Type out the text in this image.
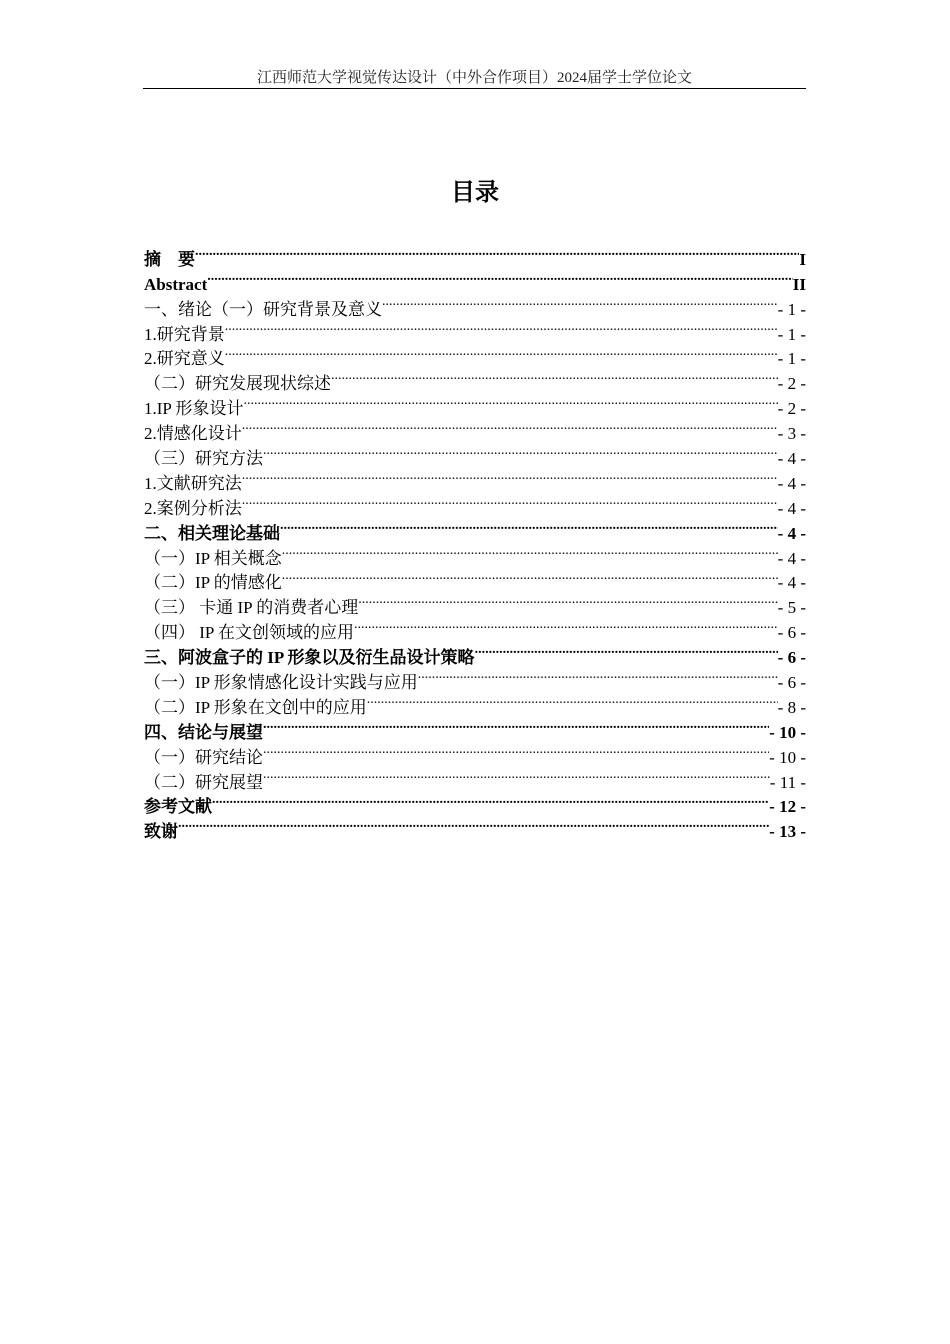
江西师范大学视觉传达设计（中外合作项目）2024届学士学位论文
目录
摘　要 .....	I
Abstract .....	II
一、绪论（一）研究背景及意义 .....	- 1 -
1.研究背景 .....	- 1 -
2.研究意义 .....	- 1 -
（二）研究发展现状综述 .....	- 2 -
1.IP 形象设计 .....	- 2 -
2.情感化设计 .....	- 3 -
（三）研究方法 .....	- 4 -
1.文献研究法 .....	- 4 -
2.案例分析法 .....	- 4 -
二、相关理论基础 .....	- 4 -
（一）IP 相关概念 .....	- 4 -
（二）IP 的情感化 .....	- 4 -
（三） 卡通 IP 的消费者心理 .....	- 5 -
（四） IP 在文创领域的应用 .....	- 6 -
三、阿波盒子的 IP 形象以及衍生品设计策略 .....	- 6 -
（一）IP 形象情感化设计实践与应用 .....	- 6 -
（二）IP 形象在文创中的应用 .....	- 8 -
四、结论与展望 .....	- 10 -
（一）研究结论 .....	- 10 -
（二）研究展望 .....	- 11 -
参考文献 .....	- 12 -
致谢 .....	- 13 -
